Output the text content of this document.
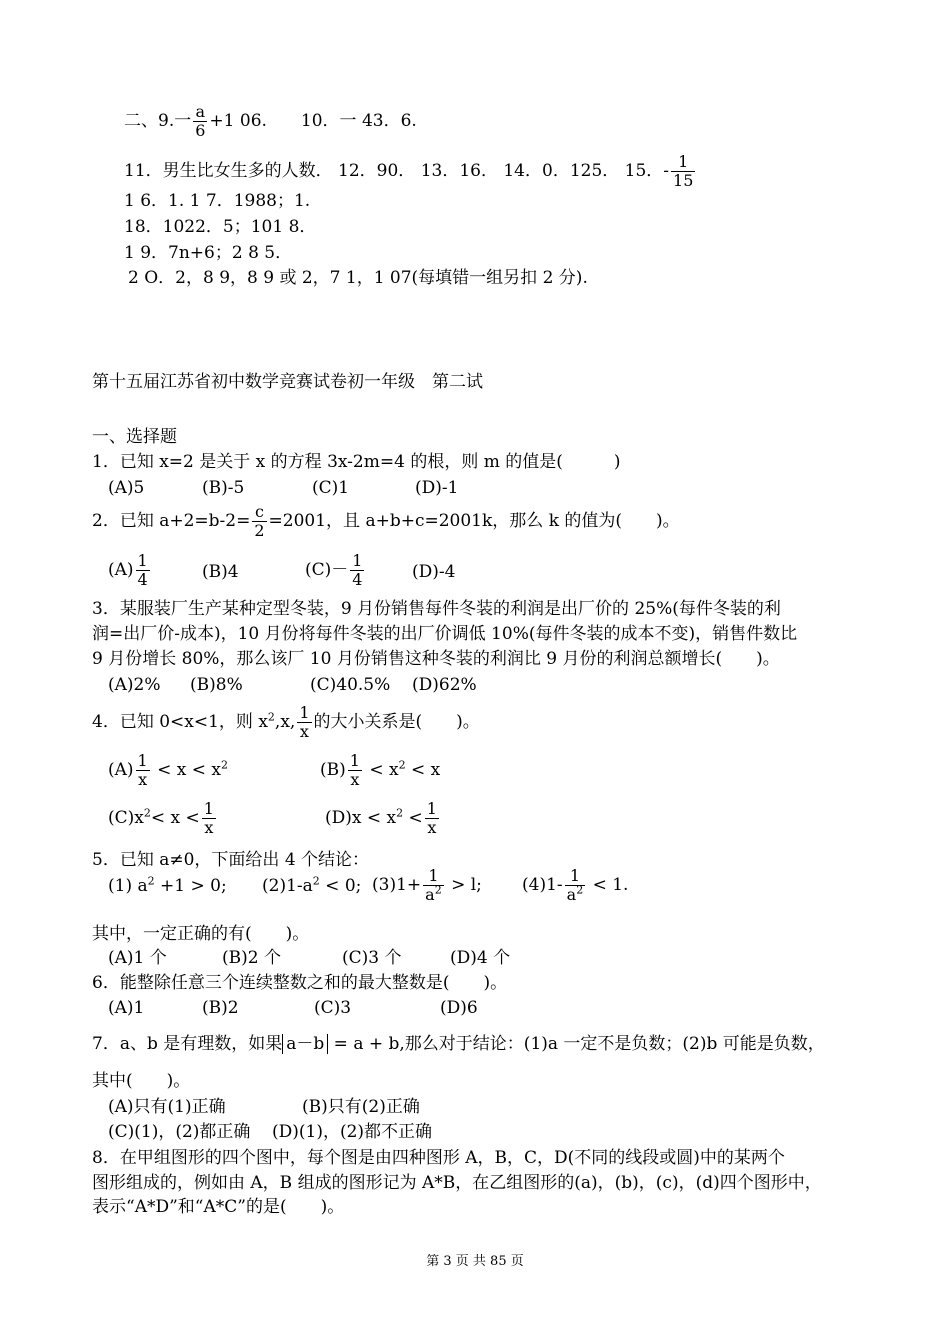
二、9.一 $\frac{a}{6} +1$ 06.　　10．一 43．6.
11．男生比女生多的人数． 12．90． 13．16． 14．0．125． 15．- $\frac{1}{15}$
1 6．1. 1 7．1988；1.
18．1022．5；101 8．
1 9．7n+6；2 8 5．
2 O．2，8 9，8 9 或 2，7 1，1 07(每填错一组另扣 2 分).
第十五届江苏省初中数学竞赛试卷初一年级　第二试
一、选择题
1．已知 x=2 是关于 x 的方程 3x-2m=4 的根，则 m 的值是(　　　)
(A)5	(B)-5	(C)1	(D)-1
2．已知 $a+2=b-2= \frac{c}{2} =2001$，且 a+b+c=2001k，那么 k 的值为(　　)。
$(A) \frac{1}{4}$	(B)4	$(C)- \frac{1}{4}$	(D)-4
3．某服装厂生产某种定型冬装，9 月份销售每件冬装的利润是出厂价的 25%(每件冬装的利
润=出厂价-成本)，10 月份将每件冬装的出厂价调低 10%(每件冬装的成本不变)，销售件数比
9 月份增长 80%，那么该厂 10 月份销售这种冬装的利润比 9 月份的利润总额增长(　　)。
(A)2% (B)8%	(C)40.5% (D)62%
4．已知 0<x<1，则 $x^2,x$, $\frac{1}{x}$ 的大小关系是(　　)。
$(A) \frac{1}{x} < x < x^2$	$(B) \frac{1}{x} < x^2 < x$
$(C)x^2< x < \frac{1}{x}$	$(D)x < x^2 < \frac{1}{x}$
5．已知 a≠0，下面给出 4 个结论：
(1) $a^2 +1 > 0$; $(2)1-a^2 < 0$; $(3)1+ \frac{1}{a^2} > l$; $(4)1- \frac{1}{a^2} < 1$.
其中，一定正确的有(　　)。
(A)1 个	(B)2 个	(C)3 个	(D)4 个
6．能整除任意三个连续整数之和的最大整数是(　　)。
(A)1	(B)2	(C)3	(D)6
7．a、b 是有理数，如果 a－b = a + b,那么对于结论：(1)a 一定不是负数；(2)b 可能是负数，
其中(　　)。
(A)只有(1)正确	(B)只有(2)正确
(C)(1)，(2)都正确 (D)(1)，(2)都不正确
8．在甲组图形的四个图中，每个图是由四种图形 A，B，C，D(不同的线段或圆)中的某两个
图形组成的，例如由 A，B 组成的图形记为 A*B，在乙组图形的(a)，(b)，(c)，(d)四个图形中，
表示“A*D”和“A*C”的是(　　)。
第 3 页 共 85 页
